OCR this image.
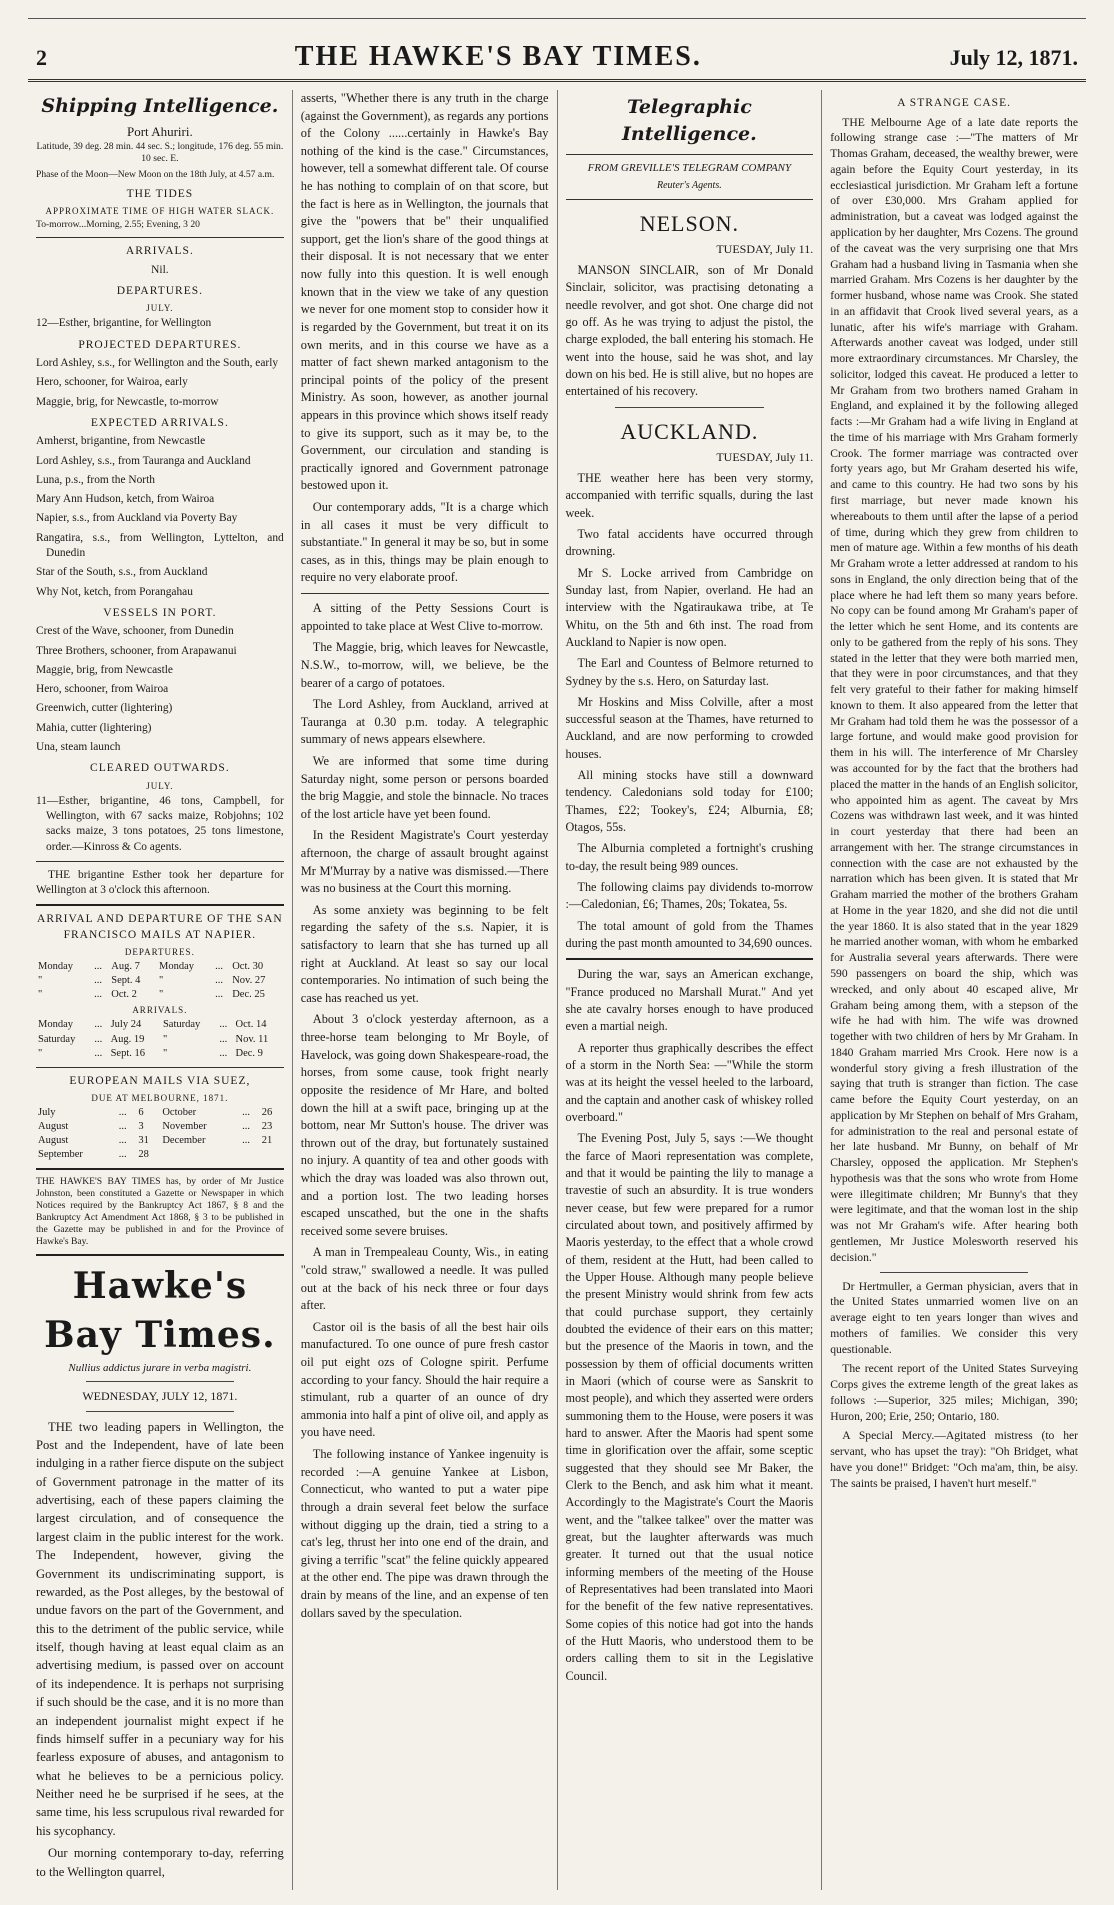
2	THE HAWKE'S BAY TIMES.	July 12, 1871.
Shipping Intelligence.
Port Ahuriri.

Latitude, 39 deg. 28 min. 44 sec. S.; longitude, 176 deg. 55 min. 10 sec. E.

Phase of the Moon—New Moon on the 18th July, at 4.57 a.m.

THE TIDES
APPROXIMATE TIME OF HIGH WATER SLACK.

To-morrow...Morning, 2.55; Evening, 3 20

ARRIVALS.
Nil.
DEPARTURES.
JULY.

12—Esther, brigantine, for Wellington

PROJECTED DEPARTURES.

Lord Ashley, s.s., for Wellington and the South, early

Hero, schooner, for Wairoa, early

Maggie, brig, for Newcastle, to-morrow

EXPECTED ARRIVALS.

Amherst, brigantine, from Newcastle

Lord Ashley, s.s., from Tauranga and Auckland

Luna, p.s., from the North

Mary Ann Hudson, ketch, from Wairoa

Napier, s.s., from Auckland via Poverty Bay

Rangatira, s.s., from Wellington, Lyttelton, and Dunedin

Star of the South, s.s., from Auckland

Why Not, ketch, from Porangahau

VESSELS IN PORT.

Crest of the Wave, schooner, from Dunedin

Three Brothers, schooner, from Arapawanui

Maggie, brig, from Newcastle

Hero, schooner, from Wairoa

Greenwich, cutter (lightering)

Mahia, cutter (lightering)

Una, steam launch

CLEARED OUTWARDS.
JULY.

11—Esther, brigantine, 46 tons, Campbell, for Wellington, with 67 sacks maize, Robjohns; 102 sacks maize, 3 tons potatoes, 25 tons limestone, order.—Kinross & Co agents.

THE brigantine Esther took her departure for Wellington at 3 o'clock this afternoon.

ARRIVAL AND DEPARTURE OF THE SAN FRANCISCO MAILS AT NAPIER.
DEPARTURES.
Monday	...	Aug. 7	Monday	...	Oct. 30
"	...	Sept. 4	"	...	Nov. 27
"	...	Oct. 2	"	...	Dec. 25
ARRIVALS.
Monday	...	July 24	Saturday	...	Oct. 14
Saturday	...	Aug. 19	"	...	Nov. 11
"	...	Sept. 16	"	...	Dec. 9
EUROPEAN MAILS VIA SUEZ,
DUE AT MELBOURNE, 1871.
July	...	6	October	...	26
August	...	3	November	...	23
August	...	31	December	...	21
September	...	28			

THE HAWKE'S BAY TIMES has, by order of Mr Justice Johnston, been constituted a Gazette or Newspaper in which Notices required by the Bankruptcy Act 1867, § 8 and the Bankruptcy Act Amendment Act 1868, § 3 to be published in the Gazette may be published in and for the Province of Hawke's Bay.

Hawke's Bay Times.
Nullius addictus jurare in verba magistri.
WEDNESDAY, JULY 12, 1871.

THE two leading papers in Wellington, the Post and the Independent, have of late been indulging in a rather fierce dispute on the subject of Government patronage in the matter of its advertising, each of these papers claiming the largest circulation, and of consequence the largest claim in the public interest for the work. The Independent, however, giving the Government its undiscriminating support, is rewarded, as the Post alleges, by the bestowal of undue favors on the part of the Government, and this to the detriment of the public service, while itself, though having at least equal claim as an advertising medium, is passed over on account of its independence. It is perhaps not surprising if such should be the case, and it is no more than an independent journalist might expect if he finds himself suffer in a pecuniary way for his fearless exposure of abuses, and antagonism to what he believes to be a pernicious policy. Neither need he be surprised if he sees, at the same time, his less scrupulous rival rewarded for his sycophancy.

Our morning contemporary to-day, referring to the Wellington quarrel,

asserts, "Whether there is any truth in the charge (against the Government), as regards any portions of the Colony ......certainly in Hawke's Bay nothing of the kind is the case." Circumstances, however, tell a somewhat different tale. Of course he has nothing to complain of on that score, but the fact is here as in Wellington, the journals that give the "powers that be" their unqualified support, get the lion's share of the good things at their disposal. It is not necessary that we enter now fully into this question. It is well enough known that in the view we take of any question we never for one moment stop to consider how it is regarded by the Government, but treat it on its own merits, and in this course we have as a matter of fact shewn marked antagonism to the principal points of the policy of the present Ministry. As soon, however, as another journal appears in this province which shows itself ready to give its support, such as it may be, to the Government, our circulation and standing is practically ignored and Government patronage bestowed upon it.

Our contemporary adds, "It is a charge which in all cases it must be very difficult to substantiate." In general it may be so, but in some cases, as in this, things may be plain enough to require no very elaborate proof.

A sitting of the Petty Sessions Court is appointed to take place at West Clive to-morrow.

The Maggie, brig, which leaves for Newcastle, N.S.W., to-morrow, will, we believe, be the bearer of a cargo of potatoes.

The Lord Ashley, from Auckland, arrived at Tauranga at 0.30 p.m. today. A telegraphic summary of news appears elsewhere.

We are informed that some time during Saturday night, some person or persons boarded the brig Maggie, and stole the binnacle. No traces of the lost article have yet been found.

In the Resident Magistrate's Court yesterday afternoon, the charge of assault brought against Mr M'Murray by a native was dismissed.—There was no business at the Court this morning.

As some anxiety was beginning to be felt regarding the safety of the s.s. Napier, it is satisfactory to learn that she has turned up all right at Auckland. At least so say our local contemporaries. No intimation of such being the case has reached us yet.

About 3 o'clock yesterday afternoon, as a three-horse team belonging to Mr Boyle, of Havelock, was going down Shakespeare-road, the horses, from some cause, took fright nearly opposite the residence of Mr Hare, and bolted down the hill at a swift pace, bringing up at the bottom, near Mr Sutton's house. The driver was thrown out of the dray, but fortunately sustained no injury. A quantity of tea and other goods with which the dray was loaded was also thrown out, and a portion lost. The two leading horses escaped unscathed, but the one in the shafts received some severe bruises.

A man in Trempealeau County, Wis., in eating "cold straw," swallowed a needle. It was pulled out at the back of his neck three or four days after.

Castor oil is the basis of all the best hair oils manufactured. To one ounce of pure fresh castor oil put eight ozs of Cologne spirit. Perfume according to your fancy. Should the hair require a stimulant, rub a quarter of an ounce of dry ammonia into half a pint of olive oil, and apply as you have need.

The following instance of Yankee ingenuity is recorded :—A genuine Yankee at Lisbon, Connecticut, who wanted to put a water pipe through a drain several feet below the surface without digging up the drain, tied a string to a cat's leg, thrust her into one end of the drain, and giving a terrific "scat" the feline quickly appeared at the other end. The pipe was drawn through the drain by means of the line, and an expense of ten dollars saved by the speculation.

Telegraphic Intelligence.
FROM GREVILLE'S TELEGRAM COMPANY
Reuter's Agents.
NELSON.
TUESDAY, July 11.

MANSON SINCLAIR, son of Mr Donald Sinclair, solicitor, was practising detonating a needle revolver, and got shot. One charge did not go off. As he was trying to adjust the pistol, the charge exploded, the ball entering his stomach. He went into the house, said he was shot, and lay down on his bed. He is still alive, but no hopes are entertained of his recovery.

AUCKLAND.
TUESDAY, July 11.

THE weather here has been very stormy, accompanied with terrific squalls, during the last week.

Two fatal accidents have occurred through drowning.

Mr S. Locke arrived from Cambridge on Sunday last, from Napier, overland. He had an interview with the Ngatiraukawa tribe, at Te Whitu, on the 5th and 6th inst. The road from Auckland to Napier is now open.

The Earl and Countess of Belmore returned to Sydney by the s.s. Hero, on Saturday last.

Mr Hoskins and Miss Colville, after a most successful season at the Thames, have returned to Auckland, and are now performing to crowded houses.

All mining stocks have still a downward tendency. Caledonians sold today for £100; Thames, £22; Tookey's, £24; Alburnia, £8; Otagos, 55s.

The Alburnia completed a fortnight's crushing to-day, the result being 989 ounces.

The following claims pay dividends to-morrow :—Caledonian, £6; Thames, 20s; Tokatea, 5s.

The total amount of gold from the Thames during the past month amounted to 34,690 ounces.

During the war, says an American exchange, "France produced no Marshall Murat." And yet she ate cavalry horses enough to have produced even a martial neigh.

A reporter thus graphically describes the effect of a storm in the North Sea: —"While the storm was at its height the vessel heeled to the larboard, and the captain and another cask of whiskey rolled overboard."

The Evening Post, July 5, says :—We thought the farce of Maori representation was complete, and that it would be painting the lily to manage a travestie of such an absurdity. It is true wonders never cease, but few were prepared for a rumor circulated about town, and positively affirmed by Maoris yesterday, to the effect that a whole crowd of them, resident at the Hutt, had been called to the Upper House. Although many people believe the present Ministry would shrink from few acts that could purchase support, they certainly doubted the evidence of their ears on this matter; but the presence of the Maoris in town, and the possession by them of official documents written in Maori (which of course were as Sanskrit to most people), and which they asserted were orders summoning them to the House, were posers it was hard to answer. After the Maoris had spent some time in glorification over the affair, some sceptic suggested that they should see Mr Baker, the Clerk to the Bench, and ask him what it meant. Accordingly to the Magistrate's Court the Maoris went, and the "talkee talkee" over the matter was great, but the laughter afterwards was much greater. It turned out that the usual notice informing members of the meeting of the House of Representatives had been translated into Maori for the benefit of the few native representatives. Some copies of this notice had got into the hands of the Hutt Maoris, who understood them to be orders calling them to sit in the Legislative Council.

A STRANGE CASE.

THE Melbourne Age of a late date reports the following strange case :—"The matters of Mr Thomas Graham, deceased, the wealthy brewer, were again before the Equity Court yesterday, in its ecclesiastical jurisdiction. Mr Graham left a fortune of over £30,000. Mrs Graham applied for administration, but a caveat was lodged against the application by her daughter, Mrs Cozens. The ground of the caveat was the very surprising one that Mrs Graham had a husband living in Tasmania when she married Graham. Mrs Cozens is her daughter by the former husband, whose name was Crook. She stated in an affidavit that Crook lived several years, as a lunatic, after his wife's marriage with Graham. Afterwards another caveat was lodged, under still more extraordinary circumstances. Mr Charsley, the solicitor, lodged this caveat. He produced a letter to Mr Graham from two brothers named Graham in England, and explained it by the following alleged facts :—Mr Graham had a wife living in England at the time of his marriage with Mrs Graham formerly Crook. The former marriage was contracted over forty years ago, but Mr Graham deserted his wife, and came to this country. He had two sons by his first marriage, but never made known his whereabouts to them until after the lapse of a period of time, during which they grew from children to men of mature age. Within a few months of his death Mr Graham wrote a letter addressed at random to his sons in England, the only direction being that of the place where he had left them so many years before. No copy can be found among Mr Graham's paper of the letter which he sent Home, and its contents are only to be gathered from the reply of his sons. They stated in the letter that they were both married men, that they were in poor circumstances, and that they felt very grateful to their father for making himself known to them. It also appeared from the letter that Mr Graham had told them he was the possessor of a large fortune, and would make good provision for them in his will. The interference of Mr Charsley was accounted for by the fact that the brothers had placed the matter in the hands of an English solicitor, who appointed him as agent. The caveat by Mrs Cozens was withdrawn last week, and it was hinted in court yesterday that there had been an arrangement with her. The strange circumstances in connection with the case are not exhausted by the narration which has been given. It is stated that Mr Graham married the mother of the brothers Graham at Home in the year 1820, and she did not die until the year 1860. It is also stated that in the year 1829 he married another woman, with whom he embarked for Australia several years afterwards. There were 590 passengers on board the ship, which was wrecked, and only about 40 escaped alive, Mr Graham being among them, with a stepson of the wife he had with him. The wife was drowned together with two children of hers by Mr Graham. In 1840 Graham married Mrs Crook. Here now is a wonderful story giving a fresh illustration of the saying that truth is stranger than fiction. The case came before the Equity Court yesterday, on an application by Mr Stephen on behalf of Mrs Graham, for administration to the real and personal estate of her late husband. Mr Bunny, on behalf of Mr Charsley, opposed the application. Mr Stephen's hypothesis was that the sons who wrote from Home were illegitimate children; Mr Bunny's that they were legitimate, and that the woman lost in the ship was not Mr Graham's wife. After hearing both gentlemen, Mr Justice Molesworth reserved his decision."

Dr Hertmuller, a German physician, avers that in the United States unmarried women live on an average eight to ten years longer than wives and mothers of families. We consider this very questionable.

The recent report of the United States Surveying Corps gives the extreme length of the great lakes as follows :—Superior, 325 miles; Michigan, 390; Huron, 200; Erie, 250; Ontario, 180.

A Special Mercy.—Agitated mistress (to her servant, who has upset the tray): "Oh Bridget, what have you done!" Bridget: "Och ma'am, thin, be aisy. The saints be praised, I haven't hurt meself."
